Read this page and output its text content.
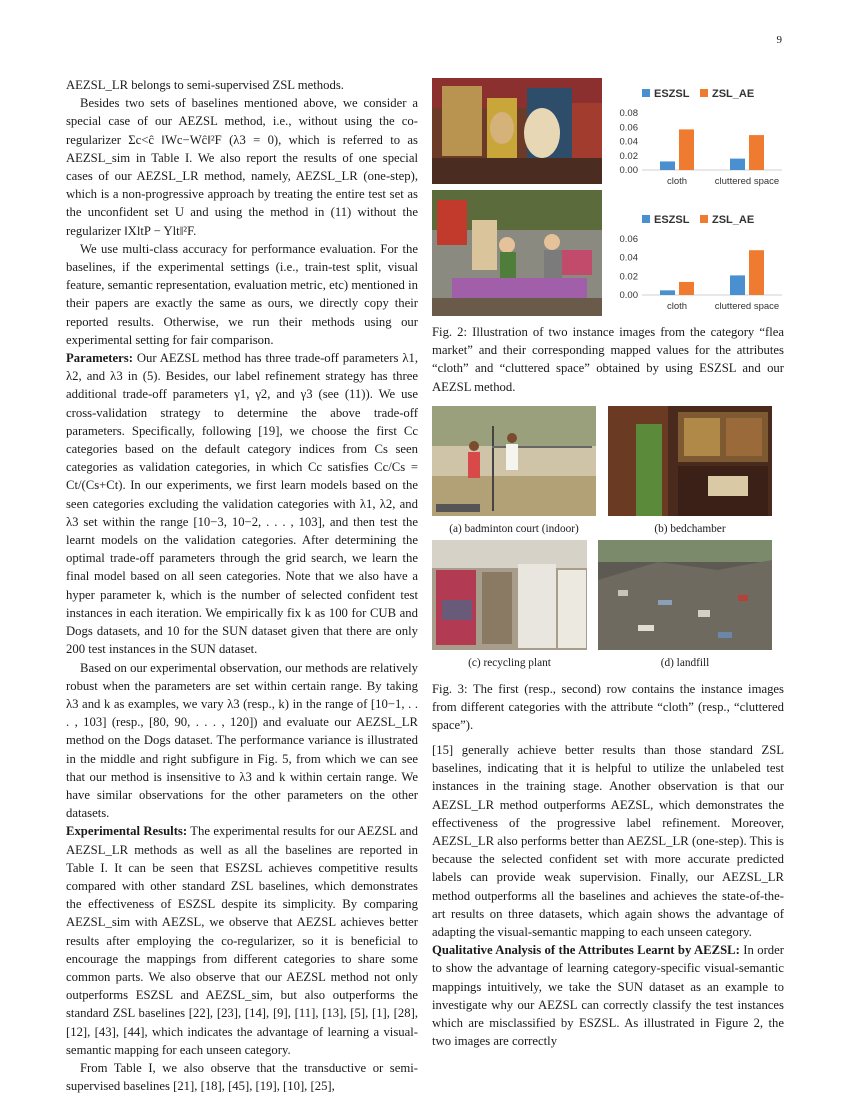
9

AEZSL_LR belongs to semi-supervised ZSL methods.

Besides two sets of baselines mentioned above, we consider a special case of our AEZSL method, i.e., without using the co-regularizer Σc<ĉ ‖Wc−Wĉ‖²F (λ3 = 0), which is referred to as AEZSL_sim in Table I. We also report the results of one special cases of our AEZSL_LR method, namely, AEZSL_LR (one-step), which is a non-progressive approach by treating the entire test set as the unconfident set U and using the method in (11) without the regularizer ‖XltP − Ylt‖²F.

We use multi-class accuracy for performance evaluation. For the baselines, if the experimental settings (i.e., train-test split, visual feature, semantic representation, evaluation metric, etc) mentioned in their papers are exactly the same as ours, we directly copy their reported results. Otherwise, we run their methods using our experimental setting for fair comparison.

Parameters: Our AEZSL method has three trade-off parameters λ1, λ2, and λ3 in (5). Besides, our label refinement strategy has three additional trade-off parameters γ1, γ2, and γ3 (see (11)). We use cross-validation strategy to determine the above trade-off parameters. Specifically, following [19], we choose the first Cc categories based on the default category indices from Cs seen categories as validation categories, in which Cc satisfies Cc/Cs = Ct/(Cs+Ct). In our experiments, we first learn models based on the seen categories excluding the validation categories with λ1, λ2, and λ3 set within the range [10−3, 10−2, . . . , 103], and then test the learnt models on the validation categories. After determining the optimal trade-off parameters through the grid search, we learn the final model based on all seen categories. Note that we also have a hyper parameter k, which is the number of selected confident test instances in each iteration. We empirically fix k as 100 for CUB and Dogs datasets, and 10 for the SUN dataset given that there are only 200 test instances in the SUN dataset.

Based on our experimental observation, our methods are relatively robust when the parameters are set within certain range. By taking λ3 and k as examples, we vary λ3 (resp., k) in the range of [10−1, . . . , 103] (resp., [80, 90, . . . , 120]) and evaluate our AEZSL_LR method on the Dogs dataset. The performance variance is illustrated in the middle and right subfigure in Fig. 5, from which we can see that our method is insensitive to λ3 and k within certain range. We have similar observations for the other parameters on the other datasets.

Experimental Results: The experimental results for our AEZSL and AEZSL_LR methods as well as all the baselines are reported in Table I. It can be seen that ESZSL achieves competitive results compared with other standard ZSL baselines, which demonstrates the effectiveness of ESZSL despite its simplicity. By comparing AEZSL_sim with AEZSL, we observe that AEZSL achieves better results after employing the co-regularizer, so it is beneficial to encourage the mappings from different categories to share some common parts. We also observe that our AEZSL method not only outperforms ESZSL and AEZSL_sim, but also outperforms the standard ZSL baselines [22], [23], [14], [9], [11], [13], [5], [1], [28], [12], [43], [44], which indicates the advantage of learning a visual-semantic mapping for each unseen category.

From Table I, we also observe that the transductive or semi-supervised baselines [21], [18], [45], [19], [10], [25],

ESZSL ZSL_AE
0.00
0.02
0.04
0.06
0.08
cloth	cluttered space
ESZSL ZSL_AE
0.00
0.02
0.04
0.06
cloth	cluttered space
Fig. 2: Illustration of two instance images from the category “flea market” and their corresponding mapped values for the attributes “cloth” and “cluttered space” obtained by using ESZSL and our AEZSL method.
(a) badminton court (indoor)	(b) bedchamber
(c) recycling plant	(d) landfill
Fig. 3: The first (resp., second) row contains the instance images from different categories with the attribute “cloth” (resp., “cluttered space”).

[15] generally achieve better results than those standard ZSL baselines, indicating that it is helpful to utilize the unlabeled test instances in the training stage. Another observation is that our AEZSL_LR method outperforms AEZSL, which demonstrates the effectiveness of the progressive label refinement. Moreover, AEZSL_LR also performs better than AEZSL_LR (one-step). This is because the selected confident set with more accurate predicted labels can provide weak supervision. Finally, our AEZSL_LR method outperforms all the baselines and achieves the state-of-the-art results on three datasets, which again shows the advantage of adapting the visual-semantic mapping to each unseen category.

Qualitative Analysis of the Attributes Learnt by AEZSL: In order to show the advantage of learning category-specific visual-semantic mappings intuitively, we take the SUN dataset as an example to investigate why our AEZSL can correctly classify the test instances which are misclassified by ESZSL. As illustrated in Figure 2, the two images are correctly
